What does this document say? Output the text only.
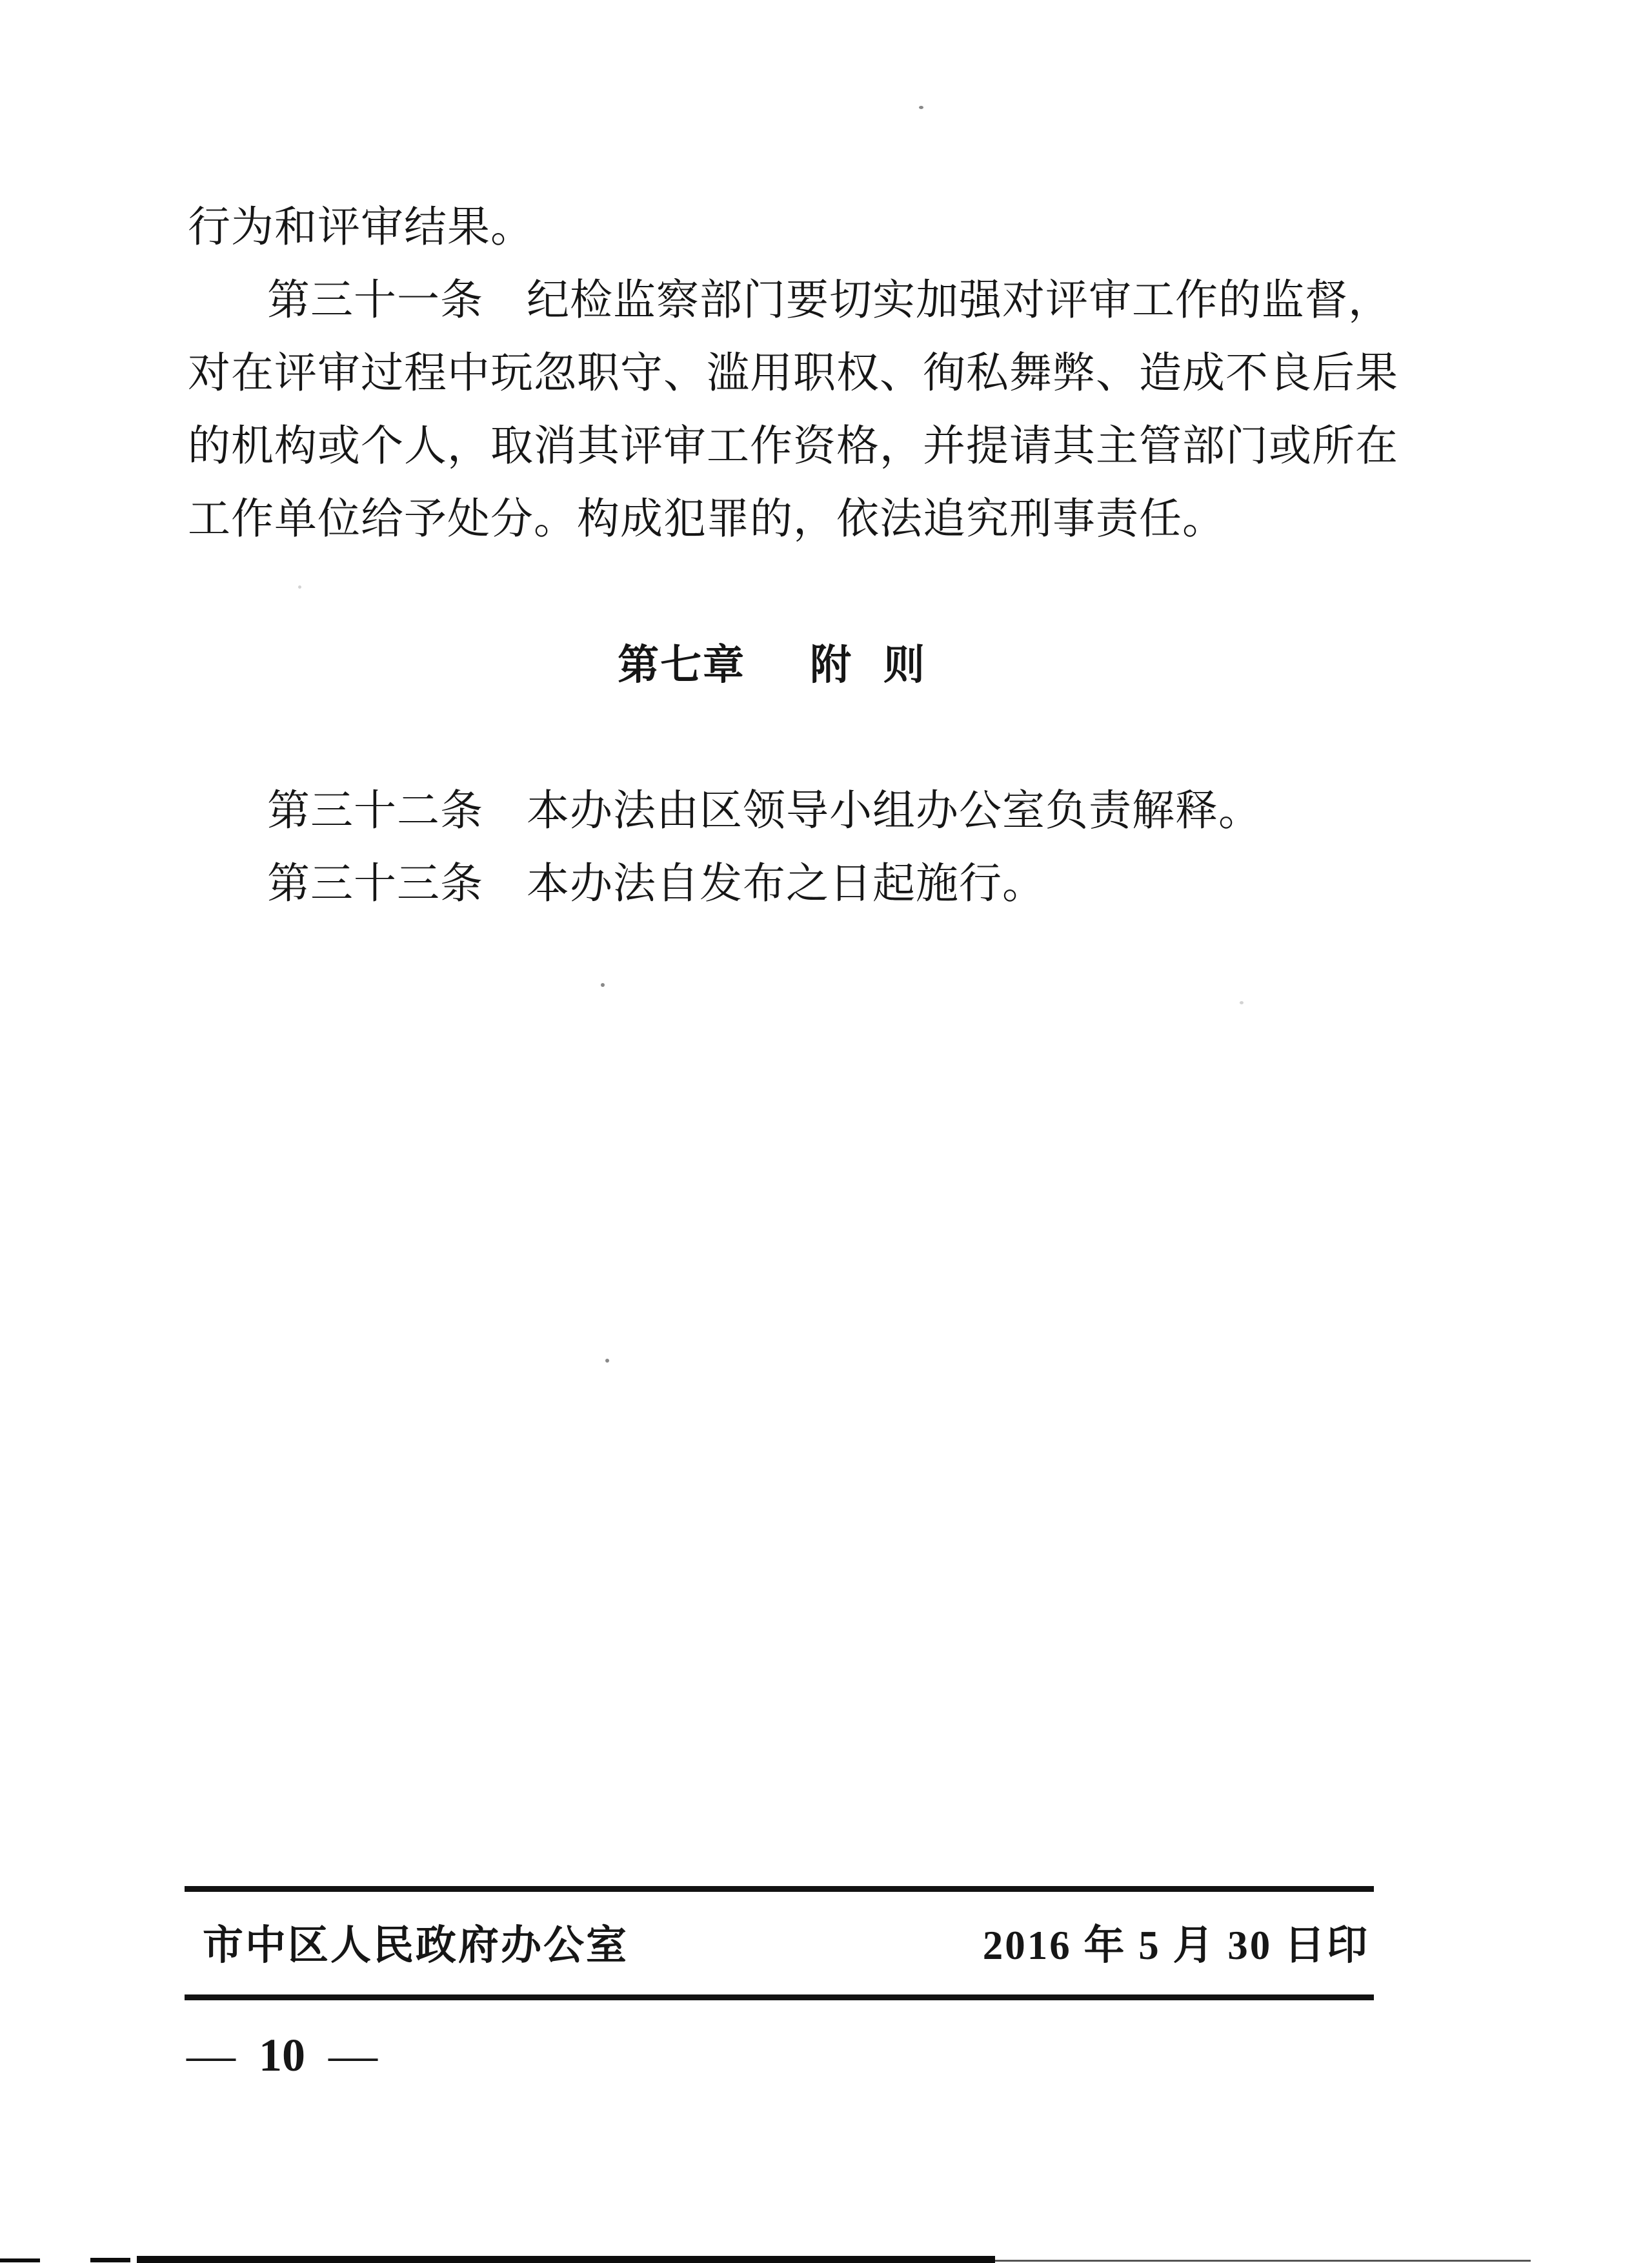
行为和评审结果。
第三十一条　纪检监察部门要切实加强对评审工作的监督，
对在评审过程中玩忽职守、滥用职权、徇私舞弊、造成不良后果
的机构或个人，取消其评审工作资格，并提请其主管部门或所在
工作单位给予处分。构成犯罪的，依法追究刑事责任。
第七章 附 则
第三十二条　本办法由区领导小组办公室负责解释。
第三十三条　本办法自发布之日起施行。
市中区人民政府办公室	2016 年 5 月 30 日印
— 10 —
